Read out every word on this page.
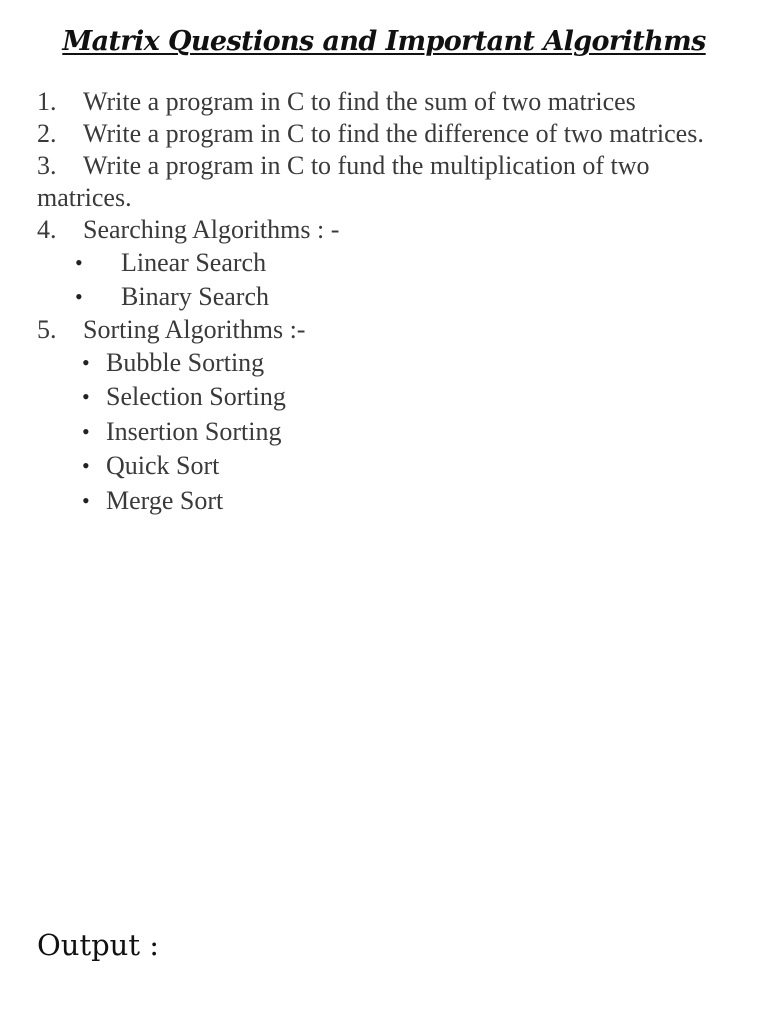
Matrix Questions and Important Algorithms

1. Write a program in C to find the sum of two matrices

2. Write a program in C to find the difference of two matrices.

3. Write a program in C to fund the multiplication of two matrices.

4. Searching Algorithms : -

• Linear Search
• Binary Search

5. Sorting Algorithms :-

• Bubble Sorting
• Selection Sorting
• Insertion Sorting
• Quick Sort
• Merge Sort
Output :
